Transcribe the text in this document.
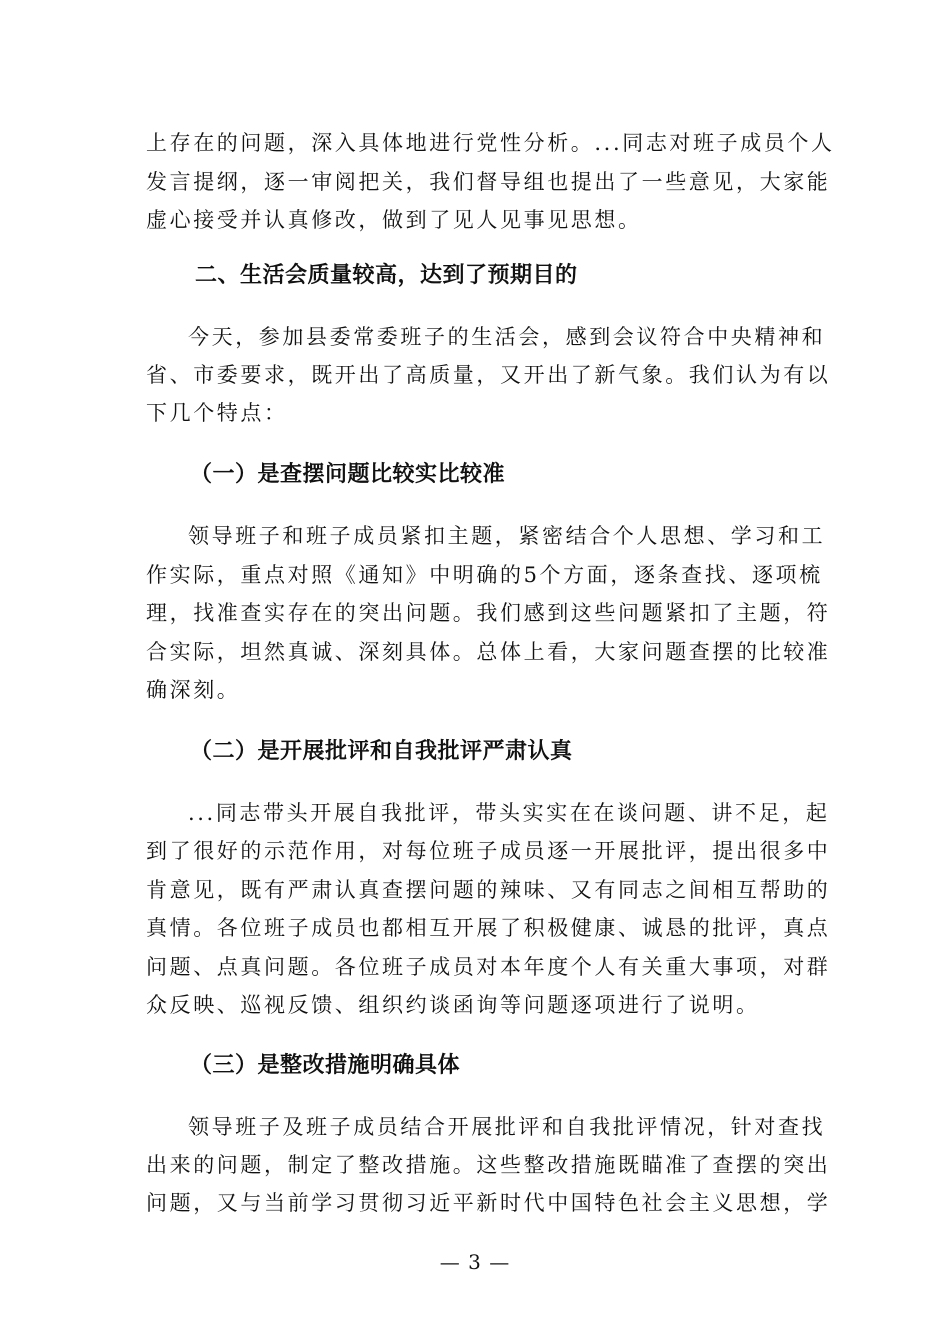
上存在的问题，深入具体地进行党性分析。...同志对班子成员个人
发言提纲，逐一审阅把关，我们督导组也提出了一些意见，大家能
虚心接受并认真修改，做到了见人见事见思想。
二、生活会质量较高，达到了预期目的
今天，参加县委常委班子的生活会，感到会议符合中央精神和
省、市委要求，既开出了高质量，又开出了新气象。我们认为有以
下几个特点：
（一）是查摆问题比较实比较准
领导班子和班子成员紧扣主题，紧密结合个人思想、学习和工
作实际，重点对照《通知》中明确的5个方面，逐条查找、逐项梳
理，找准查实存在的突出问题。我们感到这些问题紧扣了主题，符
合实际，坦然真诚、深刻具体。总体上看，大家问题查摆的比较准
确深刻。
（二）是开展批评和自我批评严肃认真
...同志带头开展自我批评，带头实实在在谈问题、讲不足，起
到了很好的示范作用，对每位班子成员逐一开展批评，提出很多中
肯意见，既有严肃认真查摆问题的辣味、又有同志之间相互帮助的
真情。各位班子成员也都相互开展了积极健康、诚恳的批评，真点
问题、点真问题。各位班子成员对本年度个人有关重大事项，对群
众反映、巡视反馈、组织约谈函询等问题逐项进行了说明。
（三）是整改措施明确具体
领导班子及班子成员结合开展批评和自我批评情况，针对查找
出来的问题，制定了整改措施。这些整改措施既瞄准了查摆的突出
问题，又与当前学习贯彻习近平新时代中国特色社会主义思想，学
— 3 —
